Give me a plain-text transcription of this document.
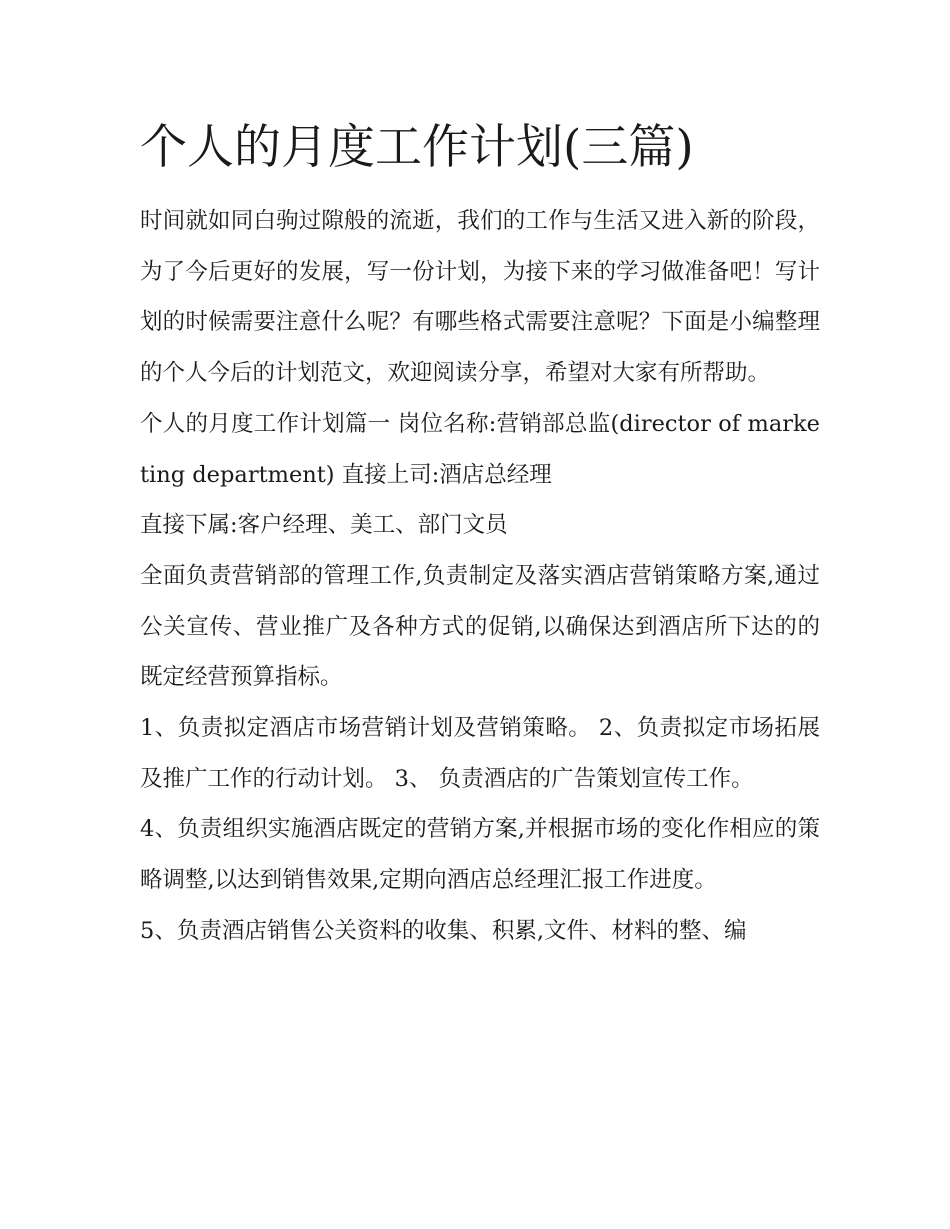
个人的月度工作计划(三篇)

时间就如同白驹过隙般的流逝，我们的工作与生活又进入新的阶段，为了今后更好的发展，写一份计划，为接下来的学习做准备吧！写计划的时候需要注意什么呢？有哪些格式需要注意呢？下面是小编整理的个人今后的计划范文，欢迎阅读分享，希望对大家有所帮助。

个人的月度工作计划篇一 岗位名称:营销部总监(director of marketing department) 直接上司:酒店总经理

直接下属:客户经理、美工、部门文员

全面负责营销部的管理工作,负责制定及落实酒店营销策略方案,通过公关宣传、营业推广及各种方式的促销,以确保达到酒店所下达的的既定经营预算指标。

1、负责拟定酒店市场营销计划及营销策略。 2、负责拟定市场拓展及推广工作的行动计划。 3、 负责酒店的广告策划宣传工作。

4、负责组织实施酒店既定的营销方案,并根据市场的变化作相应的策略调整,以达到销售效果,定期向酒店总经理汇报工作进度。

5、负责酒店销售公关资料的收集、积累,文件、材料的整、编
